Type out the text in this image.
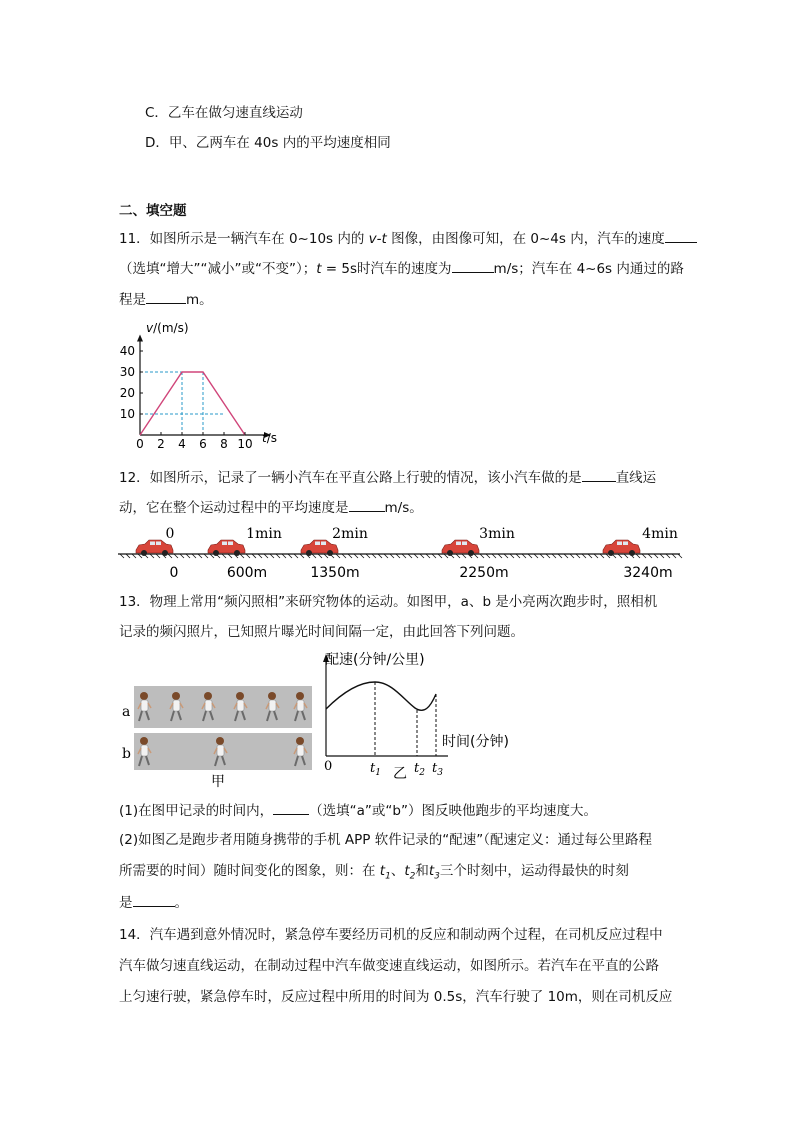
C．乙车在做匀速直线运动
D．甲、乙两车在 40s 内的平均速度相同
二、填空题
11．如图所示是一辆汽车在 0~10s 内的 v-t 图像，由图像可知，在 0~4s 内，汽车的速度
（选填“增大”“减小”或“不变”）；t = 5s时汽车的速度为	m/s；汽车在 4~6s 内通过的路
程是	m。
0 2 4 6 8 10
10
20
30
40
v/(m/s)
t/s
12．如图所示，记录了一辆小汽车在平直公路上行驶的情况，该小汽车做的是	直线运
动，它在整个运动过程中的平均速度是	m/s。
0	1min	2min	3min	4min
0	600m	1350m	2250m	3240m
13．物理上常用“频闪照相”来研究物体的运动。如图甲，a、b 是小亮两次跑步时，照相机
记录的频闪照片，已知照片曝光时间间隔一定，由此回答下列问题。
a
b
甲
配速(分钟/公里)
时间(分钟)
0	$t_1$	$t_2$ $t_3$
乙
(1)在图甲记录的时间内，	（选填“a”或“b”）图反映他跑步的平均速度大。
(2)如图乙是跑步者用随身携带的手机 APP 软件记录的“配速”（配速定义：通过每公里路程
所需要的时间）随时间变化的图象，则：在 $t_1$、$t_2$和$t_3$三个时刻中，运动得最快的时刻
是	。
14．汽车遇到意外情况时，紧急停车要经历司机的反应和制动两个过程，在司机反应过程中
汽车做匀速直线运动，在制动过程中汽车做变速直线运动，如图所示。若汽车在平直的公路
上匀速行驶，紧急停车时，反应过程中所用的时间为 0.5s，汽车行驶了 10m，则在司机反应
